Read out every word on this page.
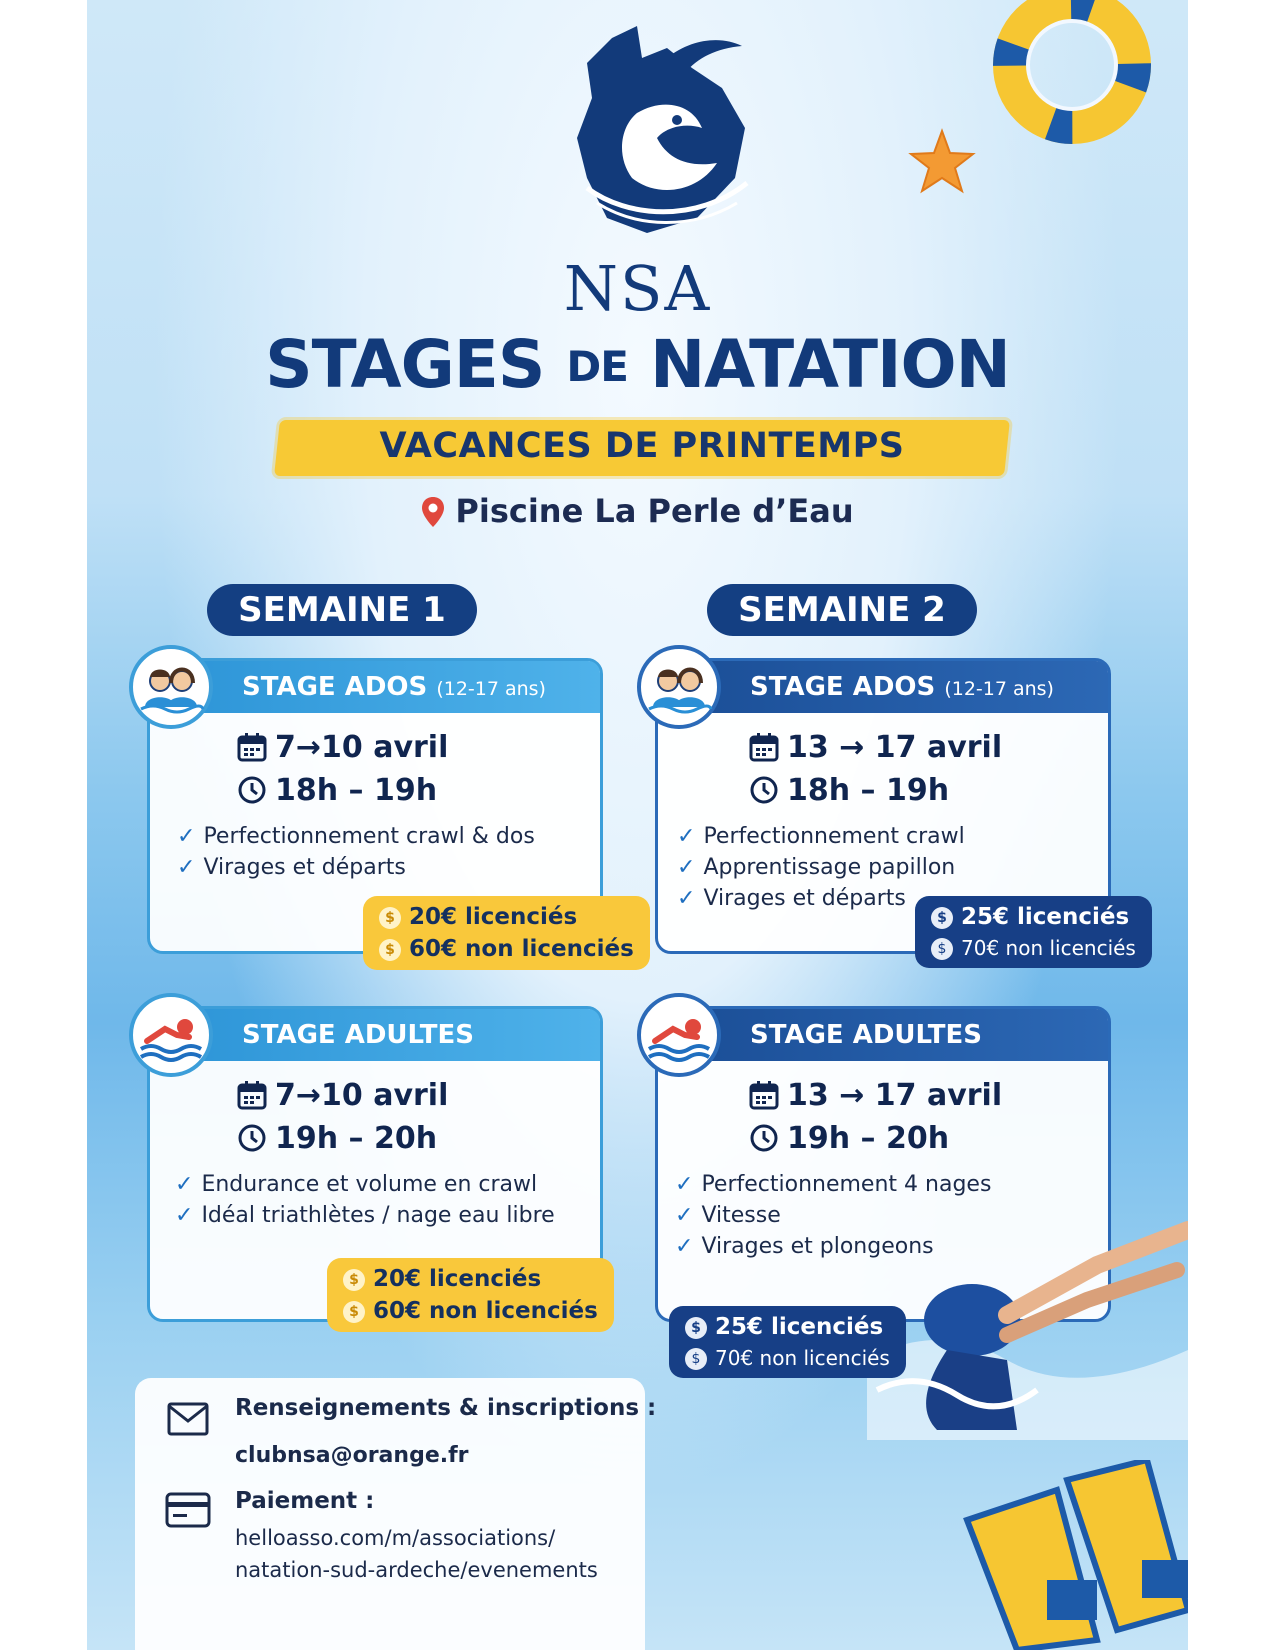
NSA
STAGES DE NATATION
VACANCES DE PRINTEMPS
Piscine La Perle d’Eau
SEMAINE 1	SEMAINE 2
STAGE ADOS (12-17 ans)
7→10 avril
18h – 19h
✓ Perfectionnement crawl & dos
✓ Virages et départs
$ 20€ licenciés
$ 60€ non licenciés
STAGE ADOS (12-17 ans)
13 → 17 avril
18h – 19h
✓ Perfectionnement crawl
✓ Apprentissage papillon
✓ Virages et départs
$ 25€ licenciés
$ 70€ non licenciés
STAGE ADULTES
7→10 avril
19h – 20h
✓ Endurance et volume en crawl
✓ Idéal triathlètes / nage eau libre
$ 20€ licenciés
$ 60€ non licenciés
STAGE ADULTES
13 → 17 avril
19h – 20h
✓ Perfectionnement 4 nages
✓ Vitesse
✓ Virages et plongeons
$ 25€ licenciés
$ 70€ non licenciés
Renseignements & inscriptions :
clubnsa@orange.fr
Paiement :
helloasso.com/m/associations/
natation-sud-ardeche/evenements
